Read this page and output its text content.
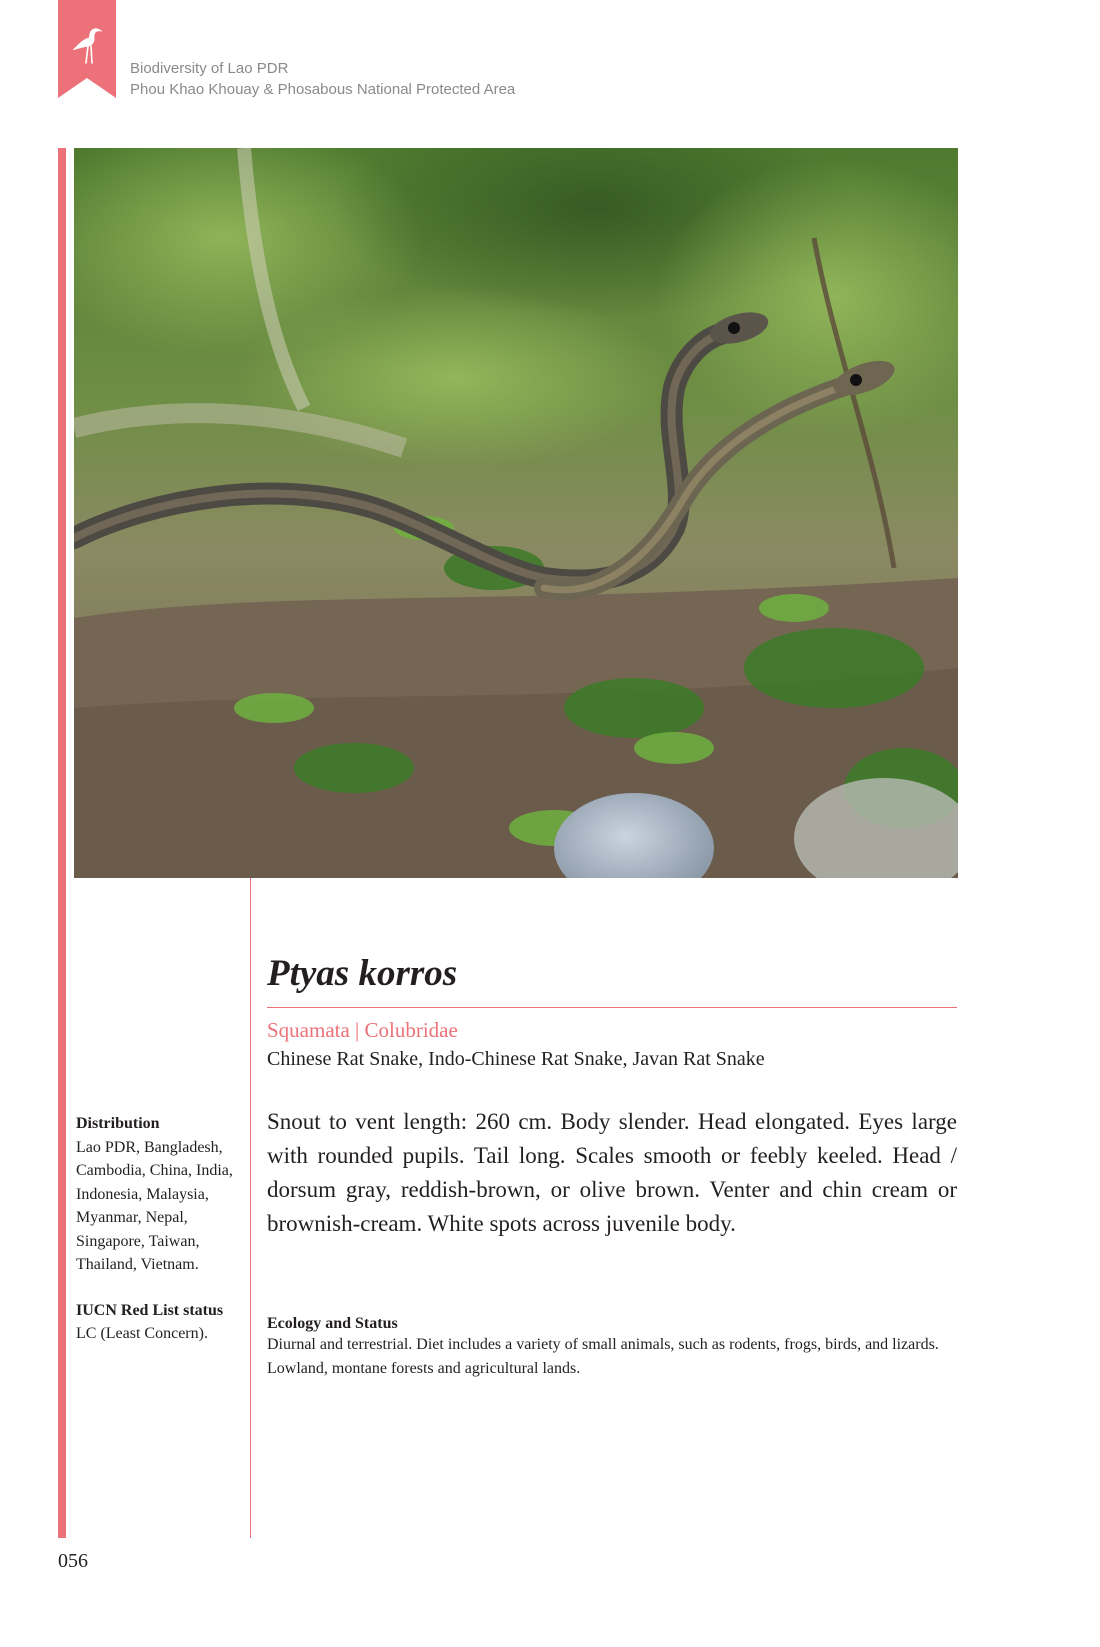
Biodiversity of Lao PDR
Phou Khao Khouay & Phosabous National Protected Area
Ptyas korros
Squamata | Colubridae
Chinese Rat Snake, Indo-Chinese Rat Snake, Javan Rat Snake

Distribution

Lao PDR, Bangladesh, Cambodia, China, India, Indonesia, Malaysia, Myanmar, Nepal, Singapore, Taiwan, Thailand, Vietnam.

IUCN Red List status

LC (Least Concern).

Snout to vent length: 260 cm. Body slender. Head elongated. Eyes large with rounded pupils. Tail long. Scales smooth or feebly keeled. Head / dorsum gray, reddish-brown, or olive brown. Venter and chin cream or brownish-cream. White spots across juvenile body.

Ecology and Status

Diurnal and terrestrial. Diet includes a variety of small animals, such as rodents, frogs, birds, and lizards. Lowland, montane forests and agricultural lands.

056
